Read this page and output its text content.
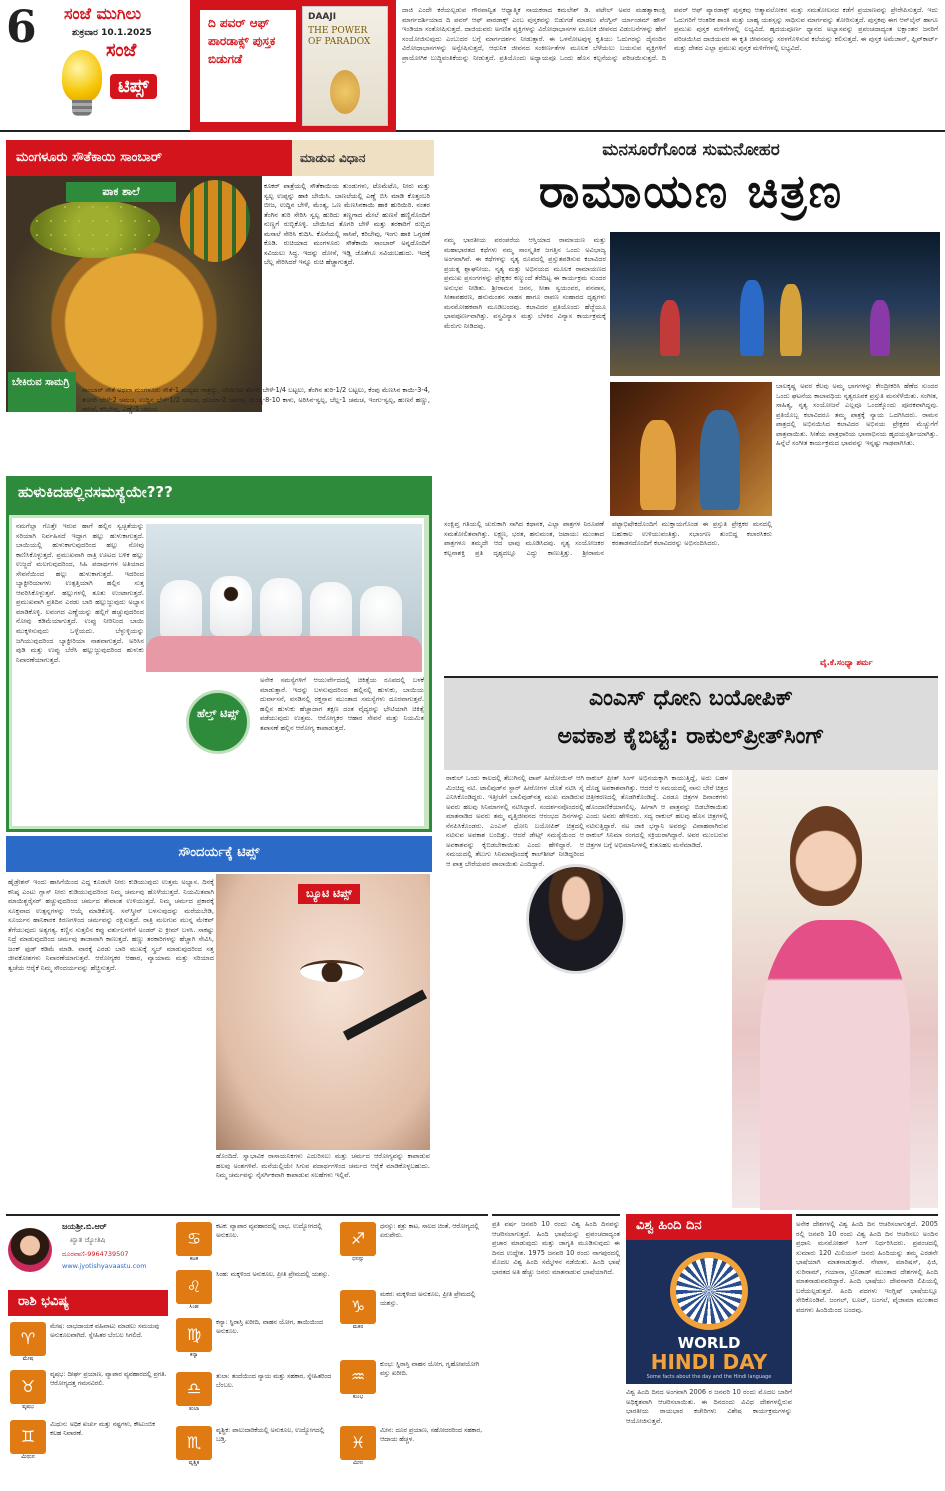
6 ಸಂಜೆ ಮುಗಿಲು
ಶುಕ್ರವಾರ 10.1.2025
ಸಂಜೆ
ಟಿಪ್ಸ್
ದಿ ಪವರ್ ಆಫ್ ಪಾರಡಾಕ್ಸ್ ಪುಸ್ತಕ ಬಿಡುಗಡೆ
DAAJI
THE POWER OF PARADOX
ದಾಜಿ ಎಂದೇ ಕರೆಯಲ್ಪಡುವ ಗೌರವಾನ್ವಿತ ಆಧ್ಯಾತ್ಮಿಕ ನಾಯಕರಾದ ಕಮಲೇಶ್ ಡಿ. ಪಟೇಲ್ ಅವರ ಮಹತ್ವಾಕಾಂಕ್ಷಿ ಮಾರ್ಗದರ್ಶಿಯಾದ ದಿ ಪವರ್ ಆಫ್ ಪಾರಡಾಕ್ಸ್ ಎಂಬ ಪುಸ್ತಕವನ್ನು ಬಿಡುಗಡೆ ಮಾಡಲು ಪೆಂಗ್ವಿನ್ ರ್ಯಾಂಡಮ್ ಹೌಸ್ ಇಂಡಿಯಾ ಸಂತೋಷಿಸುತ್ತದೆ. ದಾಜಿಯವರು ಅಗಣಿತ ವ್ಯಕ್ತಿಗಳನ್ನು ವಿರೋಧಾಭಾಸಗಳ ಮೂಲಕ ಜೀವನದ ವಿಡಂಬನೆಗಳನ್ನು ಹೇಗೆ ಸಂಯೋಜಿಸುವುದು ಎಂಬುದರ ಬಗ್ಗೆ ಮಾರ್ಗದರ್ಶನ ನೀಡುತ್ತಾರೆ. ಈ ಒಳನೋಟವುಳ್ಳ ಕೃತಿಯು ಓದುಗರನ್ನು ದೈನಂದಿನ ವಿರೋಧಾಭಾಸಗಳನ್ನು ಅನ್ವೇಷಿಸುತ್ತದೆ, ಆಧುನಿಕ ಜೀವನದ ಸಂಕೀರ್ಣತೆಗಳ ಮೂಲಕ ಬೆಳೆಯಲು ಬಯಸುವ ವ್ಯಕ್ತಿಗಳಿಗೆ ಪ್ರಾಯೋಗಿಕ ಬುದ್ಧಿವಂತಿಕೆಯನ್ನು ನೀಡುತ್ತದೆ. ಪ್ರತಿಯೊಂದು ಅಧ್ಯಾಯವೂ ಒಂದು ಹೊಸ ಕಲ್ಪನೆಯನ್ನು ಪರಿಚಯಿಸುತ್ತದೆ. ದಿ ಪವರ್ ಆಫ್ ಪ್ಯಾರಡಾಕ್ಸ್ ಪುಸ್ತಕವು ಆತ್ಮಾವಲೋಕನ ಮತ್ತು ಸಮತೋಲನದ ಕಡೆಗೆ ಪ್ರಯಾಣವನ್ನು ಪ್ರೇರೇಪಿಸುತ್ತದೆ. ಇದು ಓದುಗರಿಗೆ ಆಂತರಿಕ ಶಾಂತಿ ಮತ್ತು ಬಾಹ್ಯ ಯಶಸ್ಸನ್ನು ಸಾಧಿಸುವ ಮಾರ್ಗವನ್ನು ತೋರಿಸುತ್ತದೆ. ಪುಸ್ತಕವು ಈಗ ಆನ್‌ಲೈನ್ ಹಾಗೂ ಪ್ರಮುಖ ಪುಸ್ತಕ ಮಳಿಗೆಗಳಲ್ಲಿ ಲಭ್ಯವಿದೆ. ಹೃದಯಪೂರ್ಣ ಧ್ಯಾನದ ಅಭ್ಯಾಸವನ್ನು ಪ್ರಪಂಚದಾದ್ಯಂತ ಲಕ್ಷಾಂತರ ಜನರಿಗೆ ಪರಿಚಯಿಸಿದ ದಾಜಿಯವರ ಈ ಕೃತಿ ಜೀವನವನ್ನು ಸರಳಗೊಳಿಸುವ ಕಲೆಯನ್ನು ಕಲಿಸುತ್ತದೆ. ಈ ಪುಸ್ತಕ ಅಮೆಜಾನ್, ಫ್ಲಿಪ್‌ಕಾರ್ಟ್ ಮತ್ತು ದೇಶದ ಎಲ್ಲಾ ಪ್ರಮುಖ ಪುಸ್ತಕ ಮಳಿಗೆಗಳಲ್ಲಿ ಲಭ್ಯವಿದೆ.
ಮಂಗಳೂರು ಸೌತೆಕಾಯಿ ಸಾಂಬಾರ್	ಮಾಡುವ ವಿಧಾನ
ಪಾಕ ಶಾಲೆ
ಬೇಕಿರುವ ಸಾಮಗ್ರಿ
ಕೂಕರ್ ಪಾತ್ರೆಯಲ್ಲಿ ಸೌತೆಕಾಯಿಯ ತುಂಡುಗಳು, ಟೊಮೆಟೊ, ನೀರು ಮತ್ತು ಸ್ವಲ್ಪ ಉಪ್ಪನ್ನು ಹಾಕಿ ಬೇಯಿಸಿ. ಬಾಣಲೆಯಲ್ಲಿ ಎಣ್ಣೆ ಬಿಸಿ ಮಾಡಿ ಕೊತ್ತಂಬರಿ ಬೀಜ, ಉದ್ದಿನ ಬೇಳೆ, ಮೆಂತ್ಯ, ಒಣ ಮೆಣಸಿನಕಾಯಿ ಹಾಕಿ ಹುರಿಯಿರಿ. ನಂತರ ತೆಂಗಿನ ತುರಿ ಸೇರಿಸಿ ಸ್ವಲ್ಪ ಹುರಿದು ತಣ್ಣಗಾದ ಮೇಲೆ ಹುಣಸೆ ಹಣ್ಣಿನೊಂದಿಗೆ ನುಣ್ಣಗೆ ರುಬ್ಬಿಕೊಳ್ಳಿ. ಬೇಯಿಸಿದ ತೊಗರಿ ಬೇಳೆ ಮತ್ತು ತರಕಾರಿಗೆ ರುಬ್ಬಿದ ಮಸಾಲೆ ಸೇರಿಸಿ ಕುದಿಸಿ. ಕೊನೆಯಲ್ಲಿ ಸಾಸಿವೆ, ಕರಿಬೇವು, ಇಂಗು ಹಾಕಿ ಒಗ್ಗರಣೆ ಕೊಡಿ. ರುಚಿಯಾದ ಮಂಗಳೂರು ಸೌತೆಕಾಯಿ ಸಾಂಬಾರ್ ಅನ್ನದೊಂದಿಗೆ ಸವಿಯಲು ಸಿದ್ಧ. ಇದನ್ನು ದೋಸೆ, ಇಡ್ಲಿ ಜೊತೆಗೂ ಸವಿಯಬಹುದು. ಇದಕ್ಕೆ ಬೆಲ್ಲ ಸೇರಿಸಿದರೆ ಇನ್ನೂ ರುಚಿ ಹೆಚ್ಚಾಗುತ್ತದೆ.
ಸಾಂಬಾರ್ ಸೌತೆ ಅಥವಾ ಮಂಗಳೂರು ಸೌತೆ-1 ಮಧ್ಯಮ ಗಾತ್ರದ್ದು, ಬೇಯಿಸಿದ ತೊಗರಿ ಬೇಳೆ-1/4 ಬಟ್ಟಲು, ತೆಂಗಿನ ತುರಿ-1/2 ಬಟ್ಟಲು, ಕೆಂಪು ಮೆಣಸಿನ ಕಾಯಿ-3-4, ತೊಗರಿ ಬೇಳೆ-2 ಚಮಚ, ಉದ್ದಿನ ಬೇಳೆ-1/2 ಚಮಚ, ಧನಿಯಾ-2 ಚಮಚ, ಮೆಂತ್ಯ-8-10 ಕಾಳು, ಅರಿಸಿನ-ಸ್ವಲ್ಪ, ಬೆಲ್ಲ-1 ಚಮಚ, ಇಂಗು-ಸ್ವಲ್ಪ, ಹುಣಸೆ ಹಣ್ಣು, ಸಾಸಿವೆ, ಕರಿಬೇವು, ಎಣ್ಣೆ-1 ಚಮಚ.
ಹುಳುಕಿದಹಲ್ಲಿನಸಮಸ್ಯೆಯೇ???
ನಮಗೆಲ್ಲಾ ಗೊತ್ತೇ ಇರುವ ಹಾಗೆ ಹಲ್ಲಿನ ಸ್ವಚ್ಛತೆಯನ್ನು ಸರಿಯಾಗಿ ನಿರ್ವಹಿಸದೆ ಇದ್ದಾಗ ಹಲ್ಲು ಹುಳುಕಾಗುತ್ತದೆ. ಬಾಯಿಯಲ್ಲಿ ಹುಳುಕಾಗುವುದರಿಂದ ಹಲ್ಲು ನೋವು ಕಾಣಿಸಿಕೊಳ್ಳುತ್ತದೆ. ಪ್ರಮುಖವಾಗಿ ರಾತ್ರಿ ಊಟದ ಬಳಿಕ ಹಲ್ಲು ಉಜ್ಜದೆ ಮಲಗುವುದರಿಂದ, ಸಿಹಿ ಪದಾರ್ಥಗಳ ಅತಿಯಾದ ಸೇವನೆಯಿಂದ ಹಲ್ಲು ಹುಳುಕಾಗುತ್ತದೆ. ಇದರಿಂದ ಬ್ಯಾಕ್ಟೀರಿಯಾಗಳು ಉತ್ಪತ್ತಿಯಾಗಿ ಹಲ್ಲಿನ ಸುತ್ತ ಆವರಿಸಿಕೊಳ್ಳುತ್ತವೆ. ಹಲ್ಲುಗಳಲ್ಲಿ ತೂತು ಉಂಟಾಗುತ್ತದೆ. ಪ್ರಮುಖವಾಗಿ ಪ್ರತಿದಿನ ಎರಡು ಬಾರಿ ಹಲ್ಲುಜ್ಜುವುದು ಅಭ್ಯಾಸ ಮಾಡಿಕೊಳ್ಳಿ. ಲವಂಗದ ಎಣ್ಣೆಯನ್ನು ಹಲ್ಲಿಗೆ ಹಚ್ಚುವುದರಿಂದ ನೋವು ಕಡಿಮೆಯಾಗುತ್ತದೆ. ಉಪ್ಪು ನೀರಿನಿಂದ ಬಾಯಿ ಮುಕ್ಕಳಿಸುವುದು ಒಳ್ಳೆಯದು. ಬೆಳ್ಳುಳ್ಳಿಯನ್ನು ಜಗಿಯುವುದರಿಂದ ಬ್ಯಾಕ್ಟೀರಿಯಾ ನಾಶವಾಗುತ್ತದೆ. ಅರಿಸಿನ ಪುಡಿ ಮತ್ತು ಉಪ್ಪು ಬೆರೆಸಿ ಹಲ್ಲುಜ್ಜುವುದರಿಂದ ಹುಳುಕು ನಿವಾರಣೆಯಾಗುತ್ತದೆ.
ಹೆಲ್ತ್ ಟಿಪ್ಸ್
ಅನೇಕ ಸಮಸ್ಯೆಗಳಿಗೆ ಆಯುರ್ವೇದದಲ್ಲಿ ಚಿಕಿತ್ಸೆಯ ರೂಪದಲ್ಲಿ ಬಳಕೆ ಮಾಡುತ್ತಾರೆ. ಇದನ್ನು ಬಳಸುವುದರಿಂದ ಹಲ್ಲಿನಲ್ಲಿ ಹುಳುಕು, ಬಾಯಿಯ ದುರ್ವಾಸನೆ, ವಸಡಿನಲ್ಲಿ ರಕ್ತಸ್ರಾವ ಮುಂತಾದ ಸಮಸ್ಯೆಗಳು ದೂರವಾಗುತ್ತವೆ. ಹಲ್ಲಿನ ಹುಳುಕು ಹೆಚ್ಚಾದಾಗ ತಕ್ಷಣ ದಂತ ವೈದ್ಯರನ್ನು ಭೇಟಿಯಾಗಿ ಚಿಕಿತ್ಸೆ ಪಡೆಯುವುದು ಉತ್ತಮ. ಆರೋಗ್ಯಕರ ಆಹಾರ ಸೇವನೆ ಮತ್ತು ನಿಯಮಿತ ತಪಾಸಣೆ ಹಲ್ಲಿನ ಆರೋಗ್ಯ ಕಾಪಾಡುತ್ತದೆ.
ಸೌಂದರ್ಯಕ್ಕೆ ಟಿಪ್ಸ್
ಹೈಡ್ರೇಶನ್ ಇಂದು ಹಾಸಿಗೆಯಿಂದ ಎದ್ದ ಕೂಡಲೇ ನೀರು ಕುಡಿಯುವುದು ಉತ್ತಮ ಅಭ್ಯಾಸ. ದಿನಕ್ಕೆ ಕನಿಷ್ಠ ಎಂಟು ಗ್ಲಾಸ್ ನೀರು ಕುಡಿಯುವುದರಿಂದ ನಿಮ್ಮ ಚರ್ಮವು ಹೊಳೆಯುತ್ತದೆ. ನಿಯಮಿತವಾಗಿ ಮಾಯಿಶ್ಚರೈಸರ್ ಹಚ್ಚುವುದರಿಂದ ಚರ್ಮದ ತೇವಾಂಶ ಉಳಿಯುತ್ತದೆ. ನಿಮ್ಮ ಚರ್ಮದ ಪ್ರಕಾರಕ್ಕೆ ಸೂಕ್ತವಾದ ಉತ್ಪನ್ನಗಳನ್ನು ಆಯ್ಕೆ ಮಾಡಿಕೊಳ್ಳಿ. ಸನ್‌ಸ್ಕ್ರೀನ್ ಬಳಸುವುದನ್ನು ಮರೆಯಬೇಡಿ, ಸೂರ್ಯನ ಹಾನಿಕಾರಕ ಕಿರಣಗಳಿಂದ ಚರ್ಮವನ್ನು ರಕ್ಷಿಸುತ್ತದೆ. ರಾತ್ರಿ ಮಲಗುವ ಮುನ್ನ ಮೇಕಪ್ ತೆಗೆಯುವುದು ಅತ್ಯಗತ್ಯ. ಕಣ್ಣಿನ ಸುತ್ತಲಿನ ಕಪ್ಪು ವರ್ತುಲಗಳಿಗೆ ಅಂಡರ್ ಐ ಕ್ರೀಮ್ ಬಳಸಿ. ಸಾಕಷ್ಟು ನಿದ್ರೆ ಮಾಡುವುದರಿಂದ ಚರ್ಮವು ತಾಜಾವಾಗಿ ಕಾಣುತ್ತದೆ. ಹಣ್ಣು ತರಕಾರಿಗಳನ್ನು ಹೆಚ್ಚಾಗಿ ಸೇವಿಸಿ, ಜಂಕ್ ಫುಡ್ ಕಡಿಮೆ ಮಾಡಿ. ವಾರಕ್ಕೆ ಎರಡು ಬಾರಿ ಮುಖಕ್ಕೆ ಸ್ಕ್ರಬ್ ಮಾಡುವುದರಿಂದ ಸತ್ತ ಜೀವಕೋಶಗಳು ನಿವಾರಣೆಯಾಗುತ್ತವೆ. ಆರೋಗ್ಯಕರ ಆಹಾರ, ವ್ಯಾಯಾಮ ಮತ್ತು ಸರಿಯಾದ ತ್ವಚೆಯ ಆರೈಕೆ ನಿಮ್ಮ ಸೌಂದರ್ಯವನ್ನು ಹೆಚ್ಚಿಸುತ್ತದೆ.
ಬ್ಯೂಟಿ ಟಿಪ್ಸ್
ಹೊಂದಿದೆ. ಸ್ವಾಭಾವಿಕ ರಾಸಾಯನಿಕಗಳು ಎದುರಿಸಲು ಮತ್ತು ಚರ್ಮದ ಆರೋಗ್ಯವನ್ನು ಕಾಪಾಡುವ ಹಲವು ಅಂಶಗಳಿವೆ. ಮನೆಯಲ್ಲಿಯೇ ಸಿಗುವ ಪದಾರ್ಥಗಳಿಂದ ಚರ್ಮದ ಆರೈಕೆ ಮಾಡಿಕೊಳ್ಳಬಹುದು. ನಿಮ್ಮ ಚರ್ಮವನ್ನು ನೈಸರ್ಗಿಕವಾಗಿ ಕಾಪಾಡುವ ಸಲಹೆಗಳು ಇಲ್ಲಿವೆ.
ಮನಸೂರೆಗೊಂಡ ಸುಮನೋಹರ
ರಾಮಾಯಣ ಚಿತ್ರಣ
ನಮ್ಮ ಭಾರತೀಯ ಪರಂಪರೆಯ ಆಸ್ತಿಯಾದ ರಾಮಾಯಣ ಮತ್ತು ಮಹಾಭಾರತದ ಕಥೆಗಳು ನಮ್ಮ ಸಾಂಸ್ಕೃತಿಕ ಜಗತ್ತಿನ ಒಂದು ಅವಿಭಾಜ್ಯ ಅಂಗವಾಗಿವೆ. ಈ ಕಥೆಗಳನ್ನು ನೃತ್ಯ ರೂಪದಲ್ಲಿ ಪ್ರಸ್ತುತಪಡಿಸುವ ಕಲಾವಿದರ ಪ್ರಯತ್ನ ಶ್ಲಾಘನೀಯ. ನೃತ್ಯ ಮತ್ತು ಅಭಿನಯದ ಮೂಲಕ ರಾಮಾಯಣದ ಪ್ರಮುಖ ಪ್ರಸಂಗಗಳನ್ನು ಪ್ರೇಕ್ಷಕರ ಕಣ್ಮುಂದೆ ತೆರೆದಿಟ್ಟ ಈ ಕಾರ್ಯಕ್ರಮ ಸುಂದರ ಅನುಭವ ನೀಡಿತು. ಶ್ರೀರಾಮನ ಜನನ, ಸೀತಾ ಸ್ವಯಂವರ, ವನವಾಸ, ಸೀತಾಪಹರಣ, ಹನುಮಂತನ ಸಾಹಸ ಹಾಗೂ ರಾವಣ ಸಂಹಾರದ ದೃಶ್ಯಗಳು ಮನಮೋಹಕವಾಗಿ ಮೂಡಿಬಂದವು. ಕಲಾವಿದರ ಪ್ರತಿಯೊಂದು ಹೆಜ್ಜೆಯೂ ಭಾವಪೂರ್ಣವಾಗಿತ್ತು. ವಸ್ತ್ರವಿನ್ಯಾಸ ಮತ್ತು ಬೆಳಕಿನ ವಿನ್ಯಾಸ ಕಾರ್ಯಕ್ರಮಕ್ಕೆ ಮೆರುಗು ನೀಡಿದವು.
ಬಾಲಕೃಷ್ಣ ಅವರ ಕೆಲವು ಅಮ್ಮ ಭಾಗಗಳನ್ನು ಕೇಂದ್ರೀಕರಿಸಿ ಹೆಣೆದ ಸುಂದರ ಒಂದು ಘಟನೆಯ ಕಾಲಾವಧಿಯ ನೃತ್ಯರೂಪಕ ಪ್ರಸ್ತುತಿ ಮನಸೆಳೆಯಿತು. ಸಂಗೀತ, ಸಾಹಿತ್ಯ, ನೃತ್ಯ ಸಂಯೋಜನೆ ಎಲ್ಲವೂ ಒಂದಕ್ಕೊಂದು ಪೂರಕವಾಗಿದ್ದವು. ಪ್ರತಿಯೊಬ್ಬ ಕಲಾವಿದರೂ ತಮ್ಮ ಪಾತ್ರಕ್ಕೆ ನ್ಯಾಯ ಒದಗಿಸಿದರು. ರಾಮನ ಪಾತ್ರದಲ್ಲಿ ಅಭಿನಯಿಸಿದ ಕಲಾವಿದರ ಅಭಿನಯ ಪ್ರೇಕ್ಷಕರ ಮೆಚ್ಚುಗೆಗೆ ಪಾತ್ರವಾಯಿತು. ಸೀತೆಯ ಪಾತ್ರಧಾರಿಯ ಭಾವಾಭಿನಯ ಹೃದಯಸ್ಪರ್ಶಿಯಾಗಿತ್ತು. ಹಿನ್ನೆಲೆ ಸಂಗೀತ ಕಾರ್ಯಕ್ರಮದ ಭಾವವನ್ನು ಇನ್ನಷ್ಟು ಗಾಢವಾಗಿಸಿತು.
ಸಂಕ್ಷಿಪ್ತ ಗತಿಯಲ್ಲಿ ಚುರುಕಾಗಿ ಸಾಗಿದ ಕಥಾನಕ, ಎಲ್ಲಾ ಪಾತ್ರಗಳ ನಿರೂಪಣೆ ಸಮತೋಲಿತವಾಗಿತ್ತು. ಲಕ್ಷ್ಮಣ, ಭರತ, ಹನುಮಂತ, ಜಟಾಯು ಮುಂತಾದ ಪಾತ್ರಗಳೂ ತಮ್ಮದೇ ಆದ ಛಾಪು ಮೂಡಿಸಿದವು. ನೃತ್ಯ ಸಂಯೋಜಕರ ಕಲ್ಪನಾಶಕ್ತಿ ಪ್ರತಿ ದೃಶ್ಯದಲ್ಲೂ ಎದ್ದು ಕಾಣುತ್ತಿತ್ತು. ಶ್ರೀರಾಮನ ಪಟ್ಟಾಭಿಷೇಕದೊಂದಿಗೆ ಮುಕ್ತಾಯಗೊಂಡ ಈ ಪ್ರಸ್ತುತಿ ಪ್ರೇಕ್ಷಕರ ಮನದಲ್ಲಿ ಬಹುಕಾಲ ಉಳಿಯುವಂತಿತ್ತು. ಸಭಾಂಗಣ ತುಂಬಿದ್ದ ಕಲಾರಸಿಕರು ಕರತಾಡನದೊಂದಿಗೆ ಕಲಾವಿದರನ್ನು ಅಭಿನಂದಿಸಿದರು.
ವೈ.ಕೆ.ಸಂಧ್ಯಾ ಶರ್ಮ
ಎಂಎಸ್ ಧೋನಿ ಬಯೋಪಿಕ್
ಅವಕಾಶ ಕೈಬಿಟ್ಟೆ: ರಾಕುಲ್‌ಪ್ರೀತ್‌ಸಿಂಗ್
ರಾಕುಲ್ ಒಂದು ಕಾಲದಲ್ಲಿ ತೆಲುಗಿನಲ್ಲಿ ಟಾಪ್ ಹೀರೋಯಿನ್ ಆಗಿ ಮಿಂಚಿದ್ದ ನಟಿ. ಟಾಲಿವುಡ್‌ನ ಸ್ಟಾರ್ ಹೀರೋಗಳ ಜೊತೆ ನಟಿಸಿ ಸೈ ಎನಿಸಿಕೊಂಡಿದ್ದರು. ಇತ್ತೀಚೆಗೆ ಬಾಲಿವುಡ್‌ನತ್ತ ಮುಖ ಮಾಡಿರುವ ಅವರು ಹಲವು ಸಿನಿಮಾಗಳಲ್ಲಿ ನಟಿಸಿದ್ದಾರೆ. ಸಂದರ್ಶನವೊಂದರಲ್ಲಿ ಮಾತನಾಡಿದ ಅವರು ತಮ್ಮ ವೃತ್ತಿಜೀವನದ ಆರಂಭದ ದಿನಗಳನ್ನು ನೆನಪಿಸಿಕೊಂಡರು. ಎಂಎಸ್ ಧೋನಿ ಬಯೋಪಿಕ್ ಚಿತ್ರದಲ್ಲಿ ನಟಿಸುವ ಅವಕಾಶ ಬಂದಿತ್ತು. ಆದರೆ ಡೇಟ್ಸ್ ಸಮಸ್ಯೆಯಿಂದ ಆ ಅವಕಾಶವನ್ನು ಕೈಬಿಡಬೇಕಾಯಿತು ಎಂದು ಹೇಳಿದ್ದಾರೆ. ಆ ಸಮಯದಲ್ಲಿ ತೆಲುಗು ಸಿನಿಮಾವೊಂದಕ್ಕೆ ಕಾಲ್‌ಶೀಟ್ ನೀಡಿದ್ದರಿಂದ ಆ ಪಾತ್ರ ಬೇರೆಯವರ ಪಾಲಾಯಿತು ಎಂದಿದ್ದಾರೆ.
ರಾಕುಲ್ ಪ್ರೀತ್ ಸಿಂಗ್ ಅಭಿನಯಕ್ಕಾಗಿ ಕಾಯುತ್ತಿದ್ದೆ, ಅದು ಬಹಳ ದೊಡ್ಡ ಅವಕಾಶವಾಗಿತ್ತು. ಆದರೆ ಆ ಸಮಯದಲ್ಲಿ ನಾನು ಬೇರೆ ಚಿತ್ರದ ಚಿತ್ರೀಕರಣದಲ್ಲಿ ತೊಡಗಿಕೊಂಡಿದ್ದೆ. ಎರಡೂ ಚಿತ್ರಗಳ ದಿನಾಂಕಗಳು ಹೊಂದಾಣಿಕೆಯಾಗಲಿಲ್ಲ. ಹೀಗಾಗಿ ಆ ಪಾತ್ರವನ್ನು ಬಿಡಬೇಕಾಯಿತು ಎಂದು ಅವರು ಹೇಳಿದರು. ಸದ್ಯ ರಾಕುಲ್ ಹಲವು ಹೊಸ ಚಿತ್ರಗಳಲ್ಲಿ ನಟಿಸುತ್ತಿದ್ದಾರೆ. ನಟ ಜಾಕಿ ಭಗ್ನಾನಿ ಅವರನ್ನು ವಿವಾಹವಾಗಿರುವ ರಾಕುಲ್ ಸಿನಿಮಾ ರಂಗದಲ್ಲಿ ಸಕ್ರಿಯರಾಗಿದ್ದಾರೆ. ಅವರ ಮುಂಬರುವ ಚಿತ್ರಗಳ ಬಗ್ಗೆ ಅಭಿಮಾನಿಗಳಲ್ಲಿ ಕುತೂಹಲ ಮನೆಮಾಡಿದೆ.
ಜಯಶ್ರೀ.ಬಿ.ಆರ್
ಖ್ಯಾತ ಜ್ಯೋತಿಷಿ
ದೂರವಾಣಿ-9964739507
www.jyotishyavaastu.com
ರಾಶಿ ಭವಿಷ್ಯ
♈
ಮೇಷ
ಮೇಷ: ಲಾಭದಾಯಕ ವಹಿವಾಟು ಮಾಡಲು ಸಮಯವು ಅನುಕೂಲವಾಗಿದೆ. ಸ್ನೇಹಿತರ ಬೆಂಬಲ ಸಿಗಲಿದೆ.
♉
ವೃಷಭ
ವೃಷಭ: ದೀರ್ಘ ಪ್ರಯಾಣ, ವ್ಯಾಪಾರ ವ್ಯವಹಾರದಲ್ಲಿ ಪ್ರಗತಿ. ಆರೋಗ್ಯದತ್ತ ಗಮನವಿರಲಿ.
♊
ಮಿಥುನ
ಮಿಥುನ: ಅಧಿಕ ಖರ್ಚು ಮತ್ತು ನಷ್ಟಗಳು, ಕೌಟುಂಬಿಕ ಕಲಹ ನಿವಾರಣೆ.
♋
ಕಟಕ
ಕಟಕ: ವ್ಯಾಪಾರ ವ್ಯವಹಾರದಲ್ಲಿ ಲಾಭ, ಉದ್ಯೋಗದಲ್ಲಿ ಅನುಕೂಲ.
♌
ಸಿಂಹ
ಸಿಂಹ: ಮಕ್ಕಳಿಂದ ಅನುಕೂಲ, ಪ್ರೀತಿ ಪ್ರೇಮದಲ್ಲಿ ಯಶಸ್ಸು.
♍
ಕನ್ಯಾ
ಕನ್ಯಾ: ಸ್ಥಿರಾಸ್ತಿ ಖರೀದಿ, ವಾಹನ ಯೋಗ, ತಾಯಿಯಿಂದ ಅನುಕೂಲ.
♎
ತುಲಾ
ತುಲಾ: ತಂದೆಯಿಂದ ನ್ಯಾಯ ಮತ್ತು ಸಹಕಾರ, ಸ್ನೇಹಿತರಿಂದ ಬೆಂಬಲ.
♏
ವೃಶ್ಚಿಕ
ವೃಶ್ಚಿಕ: ಪಾಲುದಾರಿಕೆಯಲ್ಲಿ ಅನುಕೂಲ, ಉದ್ಯೋಗದಲ್ಲಿ ಬಡ್ತಿ.
♐
ಧನಸ್ಸು
ಧನಸ್ಸು: ಶತ್ರು ಕಾಟ, ಸಾಲದ ಚಿಂತೆ, ಆರೋಗ್ಯದಲ್ಲಿ ಏರುಪೇರು.
♑
ಮಕರ
ಮಕರ: ಮಕ್ಕಳಿಂದ ಅನುಕೂಲ, ಪ್ರೀತಿ ಪ್ರೇಮದಲ್ಲಿ ಯಶಸ್ಸು.
♒
ಕುಂಭ
ಕುಂಭ: ಸ್ಥಿರಾಸ್ತಿ ವಾಹನ ಯೋಗ, ಗೃಹೋಪಯೋಗಿ ವಸ್ತು ಖರೀದಿ.
♓
ಮೀನ
ಮೀನ: ದೂರ ಪ್ರಯಾಣ, ಸಹೋದರರಿಂದ ಸಹಕಾರ, ಆದಾಯ ಹೆಚ್ಚಳ.
ಪ್ರತಿ ವರ್ಷ ಜನವರಿ 10 ರಂದು ವಿಶ್ವ ಹಿಂದಿ ದಿನವನ್ನು ಆಚರಿಸಲಾಗುತ್ತದೆ. ಹಿಂದಿ ಭಾಷೆಯನ್ನು ಪ್ರಪಂಚದಾದ್ಯಂತ ಪ್ರಚಾರ ಮಾಡುವುದು ಮತ್ತು ಜಾಗೃತಿ ಮೂಡಿಸುವುದು ಈ ದಿನದ ಉದ್ದೇಶ. 1975 ಜನವರಿ 10 ರಂದು ನಾಗಪುರದಲ್ಲಿ ಮೊದಲ ವಿಶ್ವ ಹಿಂದಿ ಸಮ್ಮೇಳನ ನಡೆಯಿತು. ಹಿಂದಿ ಭಾಷೆ ಭಾರತದ ಅತಿ ಹೆಚ್ಚು ಜನರು ಮಾತನಾಡುವ ಭಾಷೆಯಾಗಿದೆ.
ವಿಶ್ವ ಹಿಂದಿ ದಿನ
WORLD
HINDI DAY
Some facts about the day and the Hindi language
ವಿಶ್ವ ಹಿಂದಿ ದಿನದ ಅಂಗವಾಗಿ 2006 ರ ಜನವರಿ 10 ರಂದು ಮೊದಲ ಬಾರಿಗೆ ಅಧಿಕೃತವಾಗಿ ಆಚರಿಸಲಾಯಿತು. ಈ ದಿನದಂದು ವಿವಿಧ ದೇಶಗಳಲ್ಲಿರುವ ಭಾರತೀಯ ರಾಯಭಾರ ಕಚೇರಿಗಳು ವಿಶೇಷ ಕಾರ್ಯಕ್ರಮಗಳನ್ನು ಆಯೋಜಿಸುತ್ತವೆ.
ಅನೇಕ ದೇಶಗಳಲ್ಲಿ ವಿಶ್ವ ಹಿಂದಿ ದಿನ ಆಚರಿಸಲಾಗುತ್ತದೆ. 2005 ರಲ್ಲಿ ಜನವರಿ 10 ರಂದು ವಿಶ್ವ ಹಿಂದಿ ದಿನ ಆಚರಿಸಲು ಅಂದಿನ ಪ್ರಧಾನಿ ಮನಮೋಹನ್ ಸಿಂಗ್ ನಿರ್ಧರಿಸಿದರು. ಪ್ರಪಂಚದಲ್ಲಿ ಸುಮಾರು 120 ಮಿಲಿಯನ್ ಜನರು ಹಿಂದಿಯನ್ನು ತಮ್ಮ ಎರಡನೇ ಭಾಷೆಯಾಗಿ ಮಾತನಾಡುತ್ತಾರೆ. ನೇಪಾಳ, ಮಾರಿಷಸ್, ಫಿಜಿ, ಸುರಿನಾಮ್, ಗಯಾನಾ, ಟ್ರಿನಿಡಾಡ್ ಮುಂತಾದ ದೇಶಗಳಲ್ಲಿ ಹಿಂದಿ ಮಾತನಾಡುವವರಿದ್ದಾರೆ. ಹಿಂದಿ ಭಾಷೆಯು ದೇವನಾಗರಿ ಲಿಪಿಯಲ್ಲಿ ಬರೆಯಲ್ಪಡುತ್ತದೆ. ಹಿಂದಿ ಪದಗಳು ಇಂಗ್ಲಿಷ್ ಭಾಷೆಯಲ್ಲೂ ಸೇರಿಕೊಂಡಿವೆ. ಜಂಗಲ್, ಲೂಟ್, ಬಂಗಲೆ, ಪೈಜಾಮಾ ಮುಂತಾದ ಪದಗಳು ಹಿಂದಿಯಿಂದ ಬಂದವು.
